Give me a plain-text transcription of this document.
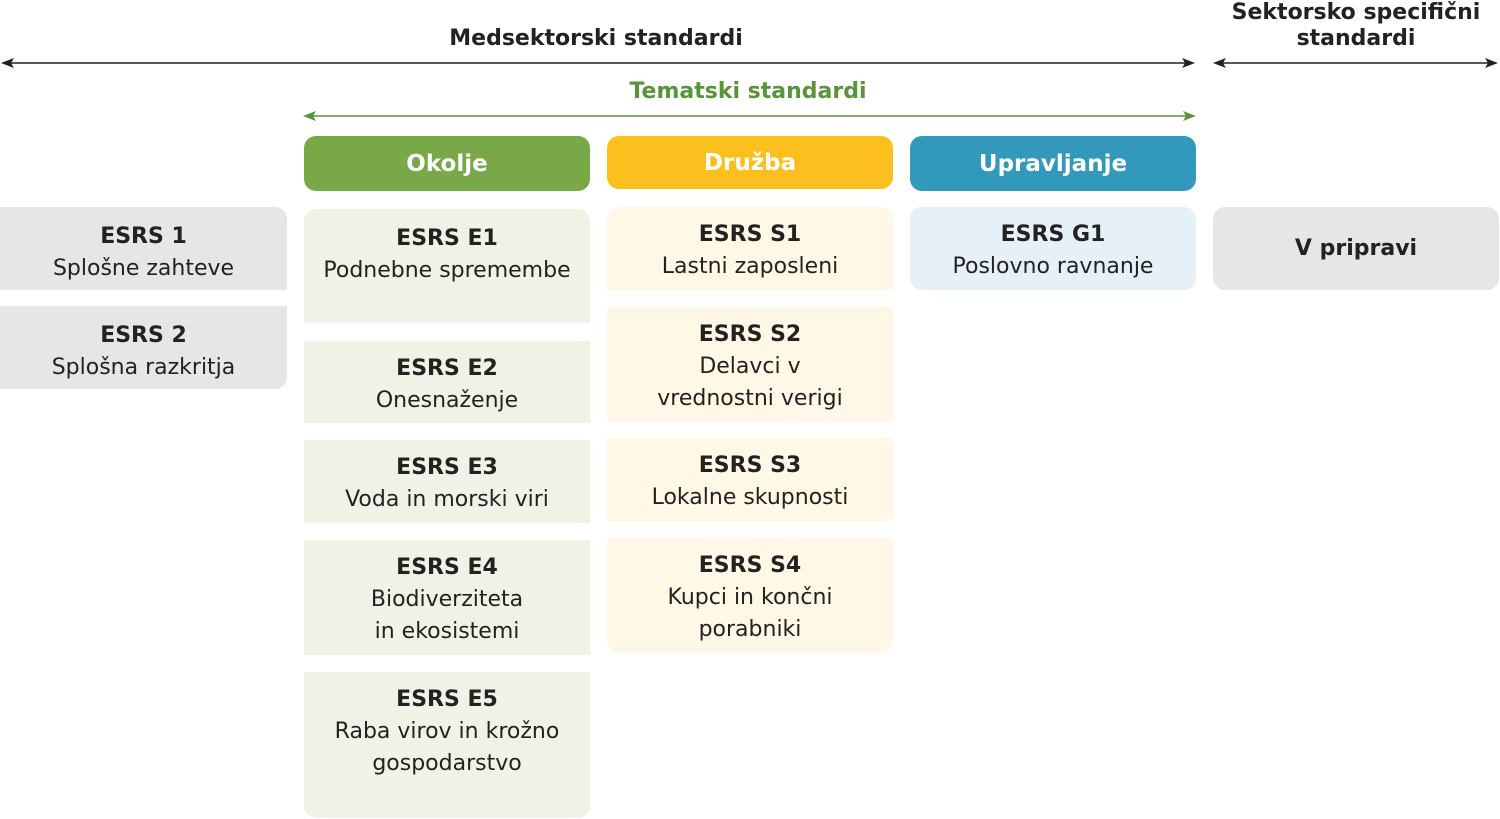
Medsektorski standardi
Sektorsko specifični
standardi
Tematski standardi
Okolje	Družba	Upravljanje
ESRS 1
Splošne zahteve
ESRS 2
Splošna razkritja
ESRS E1
Podnebne spremembe
ESRS E2
Onesnaženje
ESRS E3
Voda in morski viri
ESRS E4
Biodiverziteta
in ekosistemi
ESRS E5
Raba virov in krožno
gospodarstvo
ESRS S1
Lastni zaposleni
ESRS S2
Delavci v
vrednostni verigi
ESRS S3
Lokalne skupnosti
ESRS S4
Kupci in končni
porabniki
ESRS G1
Poslovno ravnanje
V pripravi
